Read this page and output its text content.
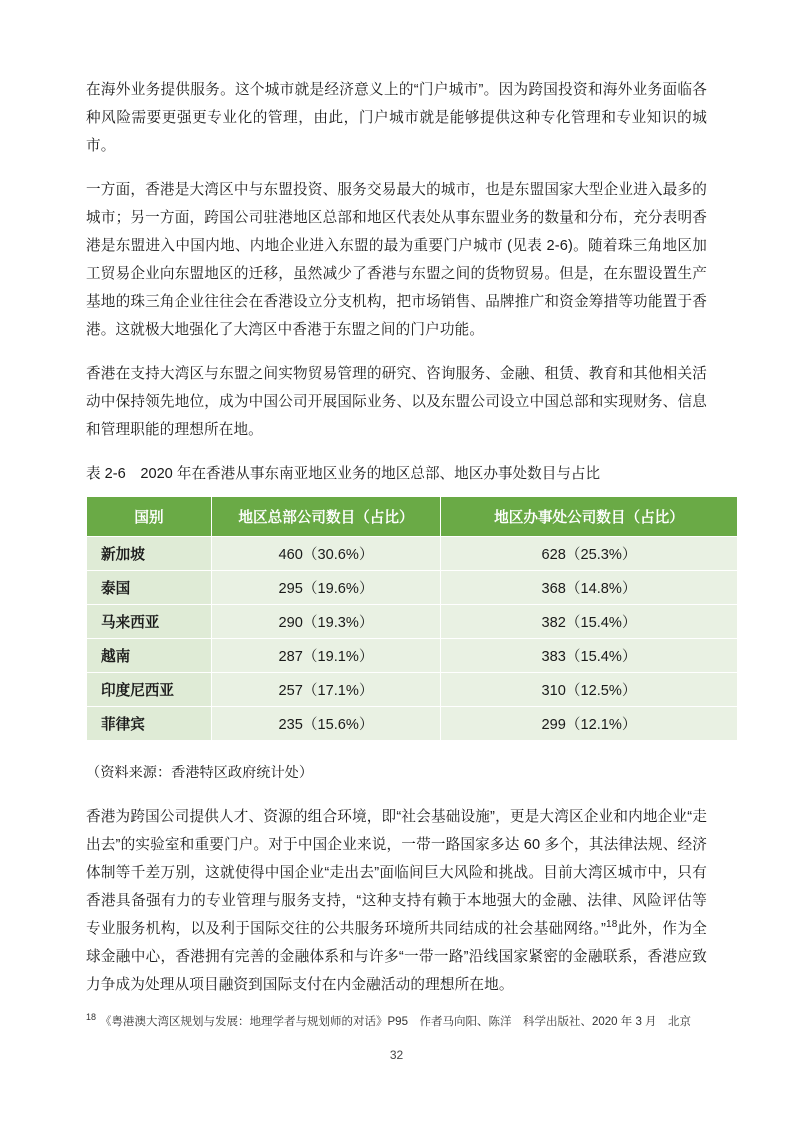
在海外业务提供服务。这个城市就是经济意义上的“门户城市”。因为跨国投资和海外业务面临各种风险需要更强更专业化的管理，由此，门户城市就是能够提供这种专化管理和专业知识的城市。

一方面，香港是大湾区中与东盟投资、服务交易最大的城市，也是东盟国家大型企业进入最多的城市；另一方面，跨国公司驻港地区总部和地区代表处从事东盟业务的数量和分布，充分表明香港是东盟进入中国内地、内地企业进入东盟的最为重要门户城市 (见表 2-6)。随着珠三角地区加工贸易企业向东盟地区的迁移，虽然减少了香港与东盟之间的货物贸易。但是，在东盟设置生产基地的珠三角企业往往会在香港设立分支机构，把市场销售、品牌推广和资金筹措等功能置于香港。这就极大地强化了大湾区中香港于东盟之间的门户功能。

香港在支持大湾区与东盟之间实物贸易管理的研究、咨询服务、金融、租赁、教育和其他相关活动中保持领先地位，成为中国公司开展国际业务、以及东盟公司设立中国总部和实现财务、信息和管理职能的理想所在地。

表 2-6　2020 年在香港从事东南亚地区业务的地区总部、地区办事处数目与占比
国别	地区总部公司数目（占比）	地区办事处公司数目（占比）
新加坡	460（30.6%）	628（25.3%）
泰国	295（19.6%）	368（14.8%）
马来西亚	290（19.3%）	382（15.4%）
越南	287（19.1%）	383（15.4%）
印度尼西亚	257（17.1%）	310（12.5%）
菲律宾	235（15.6%）	299（12.1%）
（资料来源：香港特区政府统计处）

香港为跨国公司提供人才、资源的组合环境，即“社会基础设施”，更是大湾区企业和内地企业“走出去”的实验室和重要门户。对于中国企业来说，一带一路国家多达 60 多个，其法律法规、经济体制等千差万别，这就使得中国企业“走出去”面临间巨大风险和挑战。目前大湾区城市中，只有香港具备强有力的专业管理与服务支持，“这种支持有赖于本地强大的金融、法律、风险评估等专业服务机构，以及利于国际交往的公共服务环境所共同结成的社会基础网络。”$^{18}$此外，作为全球金融中心，香港拥有完善的金融体系和与许多“一带一路”沿线国家紧密的金融联系，香港应致力争成为处理从项目融资到国际支付在内金融活动的理想所在地。

$^{18}$ 《粤港澳大湾区规划与发展：地理学者与规划师的对话》P95　作者马向阳、陈洋　科学出版社、2020 年 3 月　北京
32
